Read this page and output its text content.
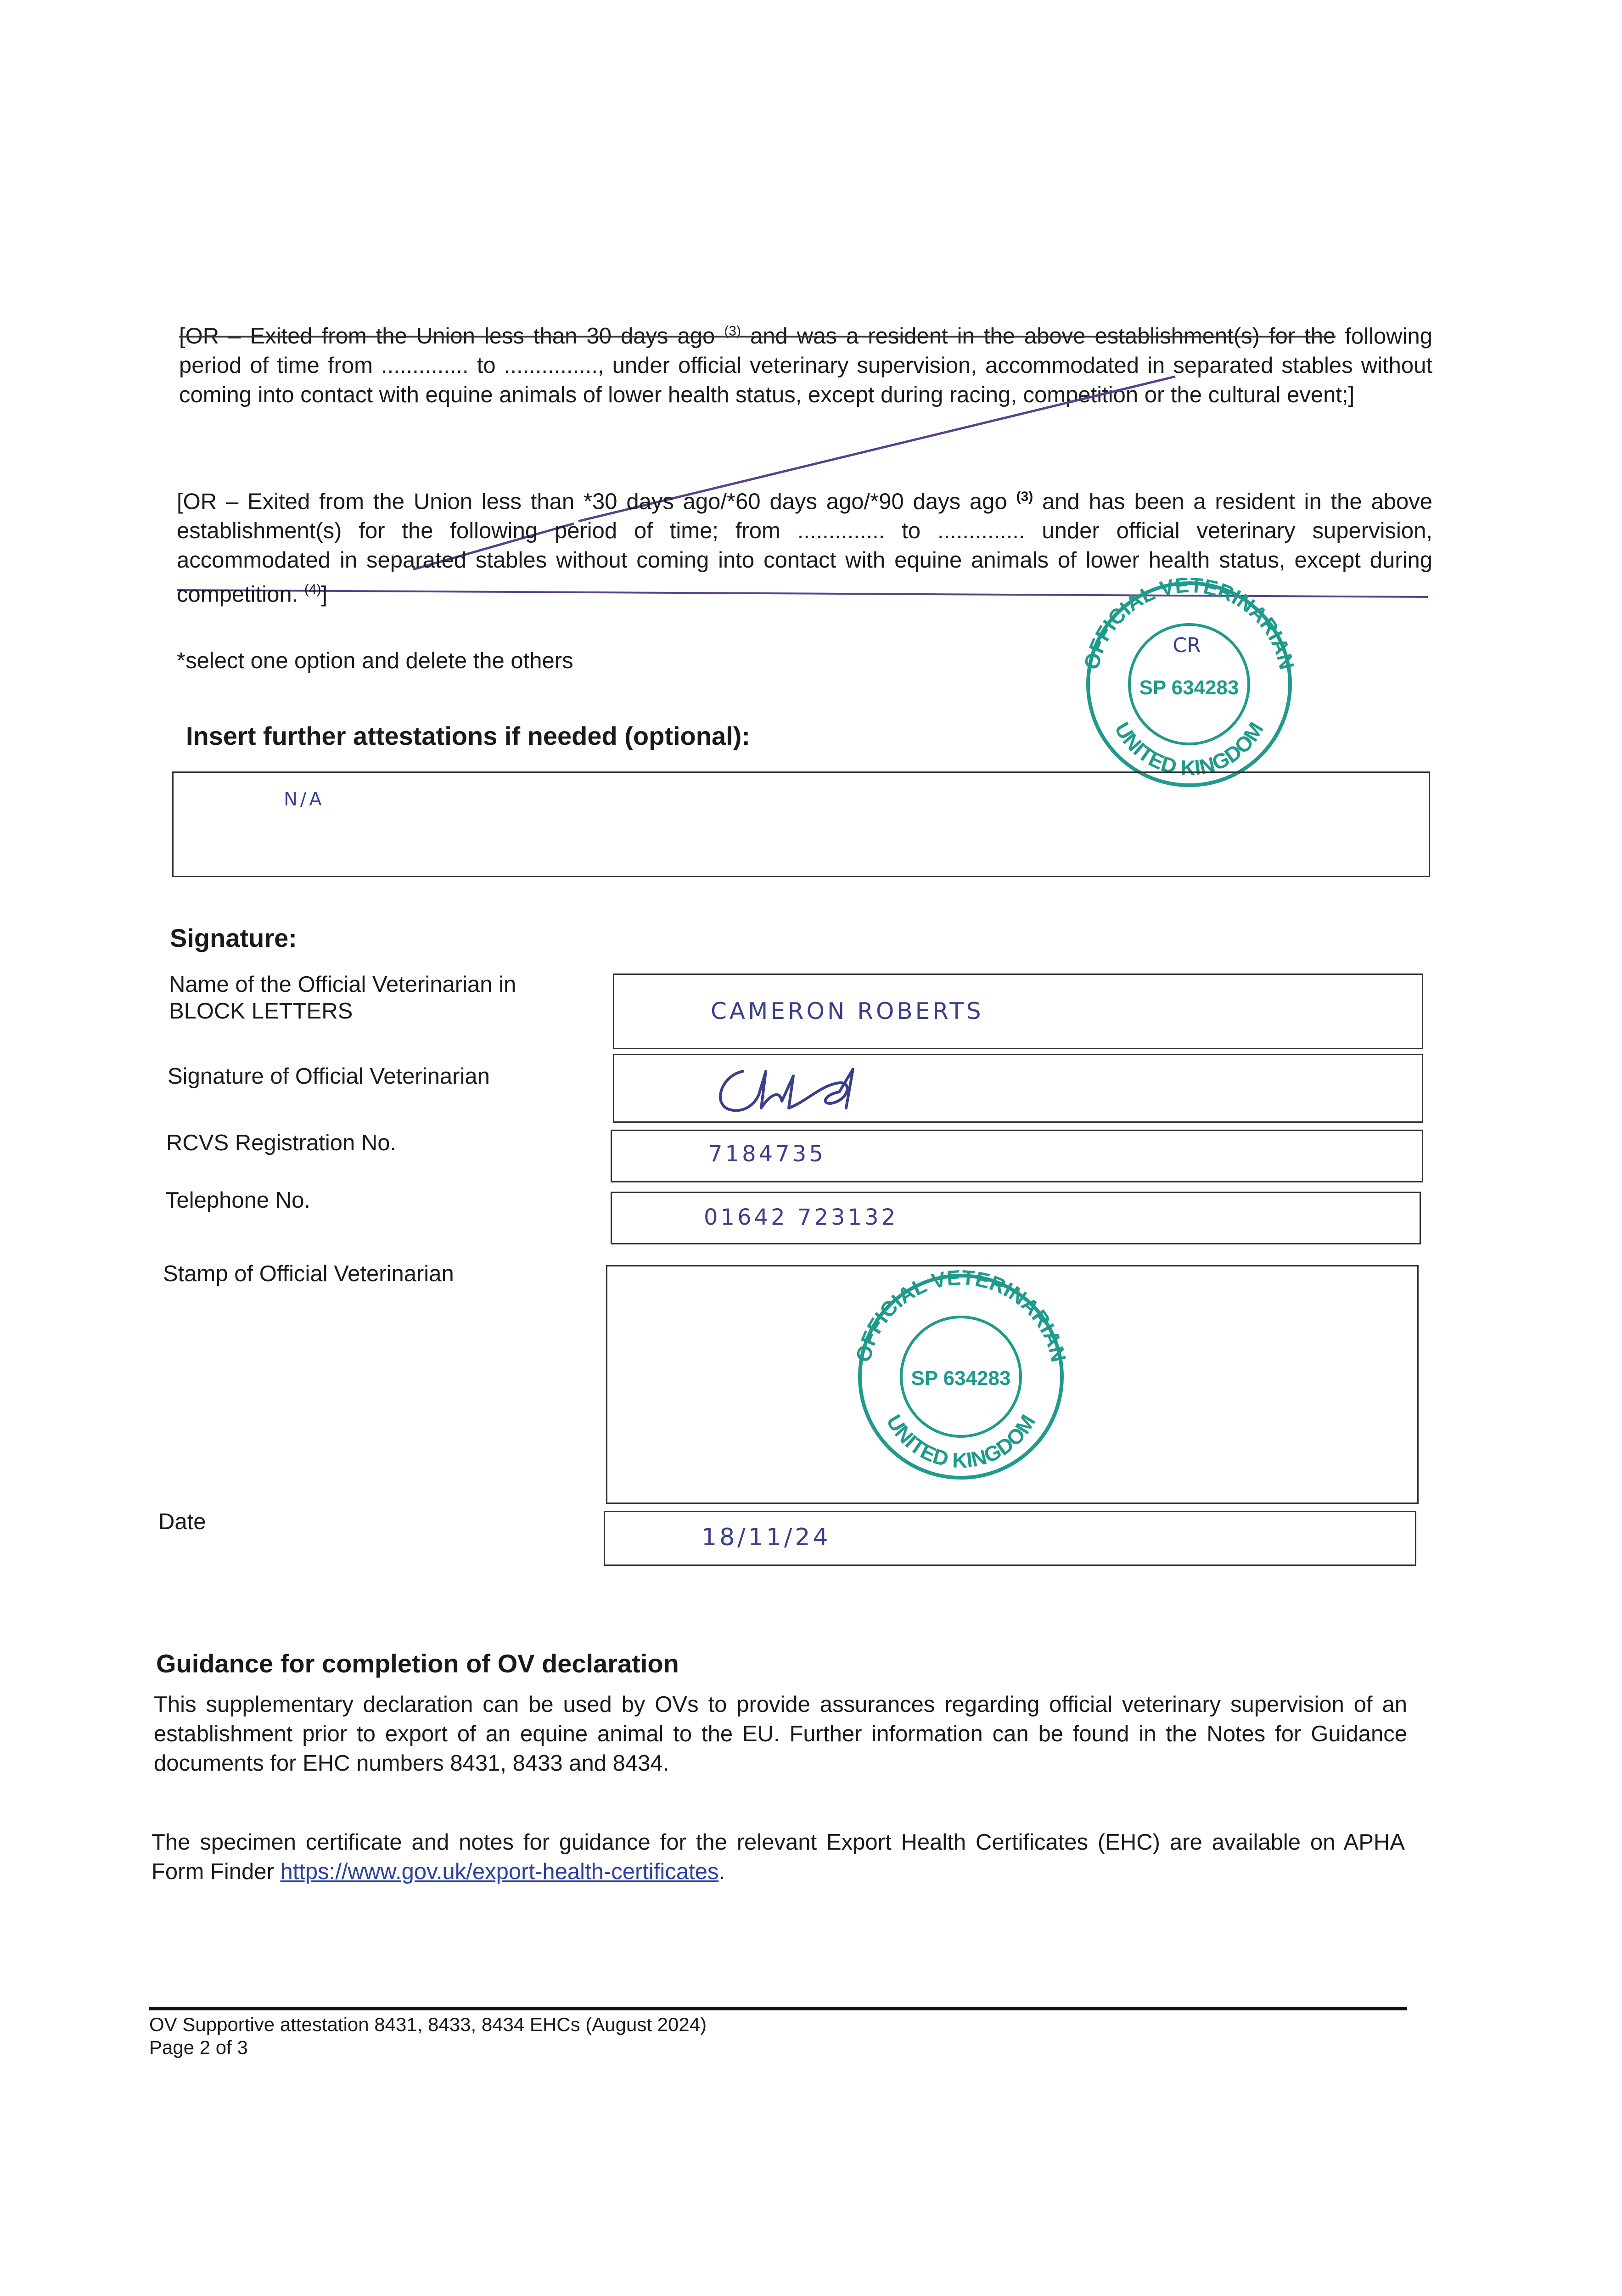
[OR – Exited from the Union less than 30 days ago $^{(3)}$ and was a resident in the above establishment(s) for the following period of time from .............. to ..............., under official veterinary supervision, accommodated in separated stables without coming into contact with equine animals of lower health status, except during racing, competition or the cultural event;]
[OR – Exited from the Union less than *30 days ago/*60 days ago/*90 days ago $^{(3)}$ and has been a resident in the above establishment(s) for the following period of time; from .............. to .............. under official veterinary supervision, accommodated in separated stables without coming into contact with equine animals of lower health status, except during competition. $^{(4)}$]
*select one option and delete the others	OFFICIAL VETERINARIAN
UNITED KINGDOM
SP 634283
CR
Insert further attestations if needed (optional):
N/A
Signature:
Name of the Official Veterinarian in BLOCK LETTERS	CAMERON ROBERTS
Signature of Official Veterinarian
RCVS Registration No.	7184735
Telephone No.
01642 723132
Stamp of Official Veterinarian
OFFICIAL VETERINARIAN
UNITED KINGDOM
SP 634283
Date
18/11/24
Guidance for completion of OV declaration
This supplementary declaration can be used by OVs to provide assurances regarding official veterinary supervision of an establishment prior to export of an equine animal to the EU. Further information can be found in the Notes for Guidance documents for EHC numbers 8431, 8433 and 8434.
The specimen certificate and notes for guidance for the relevant Export Health Certificates (EHC) are available on APHA Form Finder https://www.gov.uk/export-health-certificates.
OV Supportive attestation 8431, 8433, 8434 EHCs (August 2024)
Page 2 of 3
